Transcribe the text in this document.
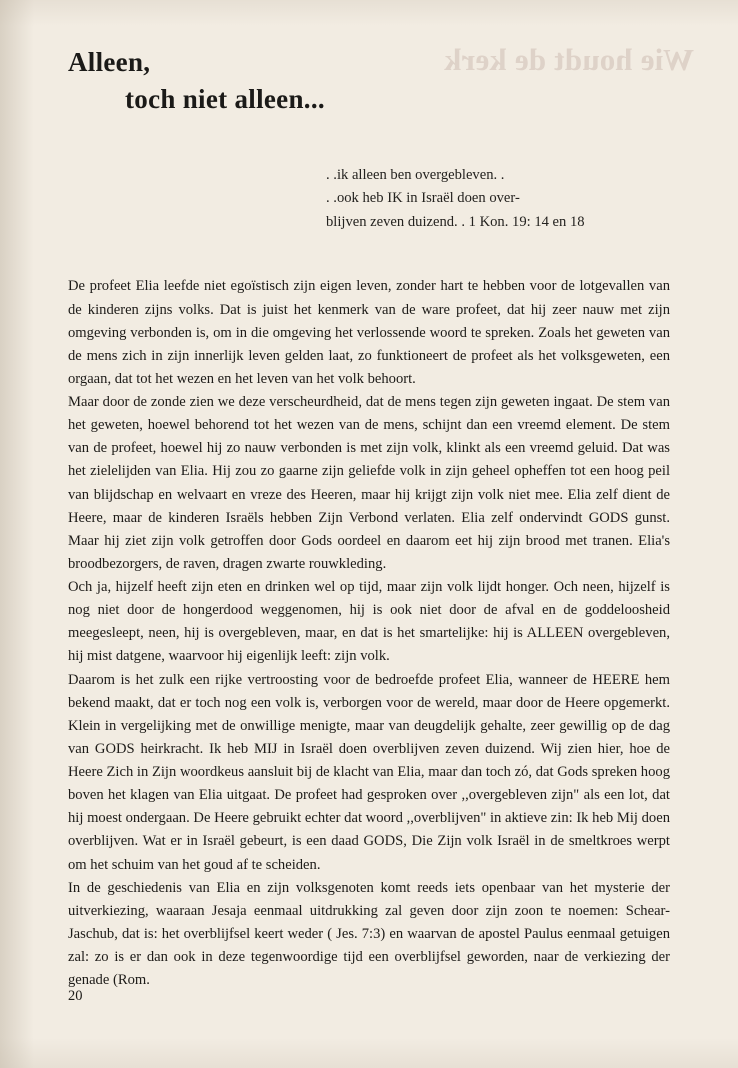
Wie houdt de kerk
Alleen,
toch niet alleen...
. .ik alleen ben overgebleven. .
. .ook heb IK in Israël doen over-
blijven zeven duizend. . 1 Kon. 19: 14 en 18

De profeet Elia leefde niet egoïstisch zijn eigen leven, zonder hart te hebben voor de lotgevallen van de kinderen zijns volks. Dat is juist het kenmerk van de ware profeet, dat hij zeer nauw met zijn omgeving verbonden is, om in die omgeving het verlossende woord te spreken. Zoals het geweten van de mens zich in zijn innerlijk leven gelden laat, zo funktioneert de profeet als het volksgeweten, een orgaan, dat tot het wezen en het leven van het volk behoort.

Maar door de zonde zien we deze verscheurdheid, dat de mens tegen zijn geweten ingaat. De stem van het geweten, hoewel behorend tot het wezen van de mens, schijnt dan een vreemd element. De stem van de profeet, hoewel hij zo nauw verbonden is met zijn volk, klinkt als een vreemd geluid. Dat was het zielelijden van Elia. Hij zou zo gaarne zijn geliefde volk in zijn geheel opheffen tot een hoog peil van blijdschap en welvaart en vreze des Heeren, maar hij krijgt zijn volk niet mee. Elia zelf dient de Heere, maar de kinderen Israëls hebben Zijn Verbond verlaten. Elia zelf ondervindt GODS gunst. Maar hij ziet zijn volk getroffen door Gods oordeel en daarom eet hij zijn brood met tranen. Elia's broodbezorgers, de raven, dragen zwarte rouwkleding.

Och ja, hijzelf heeft zijn eten en drinken wel op tijd, maar zijn volk lijdt honger. Och neen, hijzelf is nog niet door de hongerdood weggenomen, hij is ook niet door de afval en de goddeloosheid meegesleept, neen, hij is overgebleven, maar, en dat is het smartelijke: hij is ALLEEN overgebleven, hij mist datgene, waarvoor hij eigenlijk leeft: zijn volk.

Daarom is het zulk een rijke vertroosting voor de bedroefde profeet Elia, wanneer de HEERE hem bekend maakt, dat er toch nog een volk is, verborgen voor de wereld, maar door de Heere opgemerkt. Klein in vergelijking met de onwillige menigte, maar van deugdelijk gehalte, zeer gewillig op de dag van GODS heirkracht. Ik heb MIJ in Israël doen overblijven zeven duizend. Wij zien hier, hoe de Heere Zich in Zijn woordkeus aansluit bij de klacht van Elia, maar dan toch zó, dat Gods spreken hoog boven het klagen van Elia uitgaat. De profeet had gesproken over ,,overgebleven zijn" als een lot, dat hij moest ondergaan. De Heere gebruikt echter dat woord ,,overblijven" in aktieve zin: Ik heb Mij doen overblijven. Wat er in Israël gebeurt, is een daad GODS, Die Zijn volk Israël in de smeltkroes werpt om het schuim van het goud af te scheiden.

In de geschiedenis van Elia en zijn volksgenoten komt reeds iets openbaar van het mysterie der uitverkiezing, waaraan Jesaja eenmaal uitdrukking zal geven door zijn zoon te noemen: Schear-Jaschub, dat is: het overblijfsel keert weder ( Jes. 7:3) en waarvan de apostel Paulus eenmaal getuigen zal: zo is er dan ook in deze tegenwoordige tijd een overblijfsel geworden, naar de verkiezing der genade (Rom.

20
